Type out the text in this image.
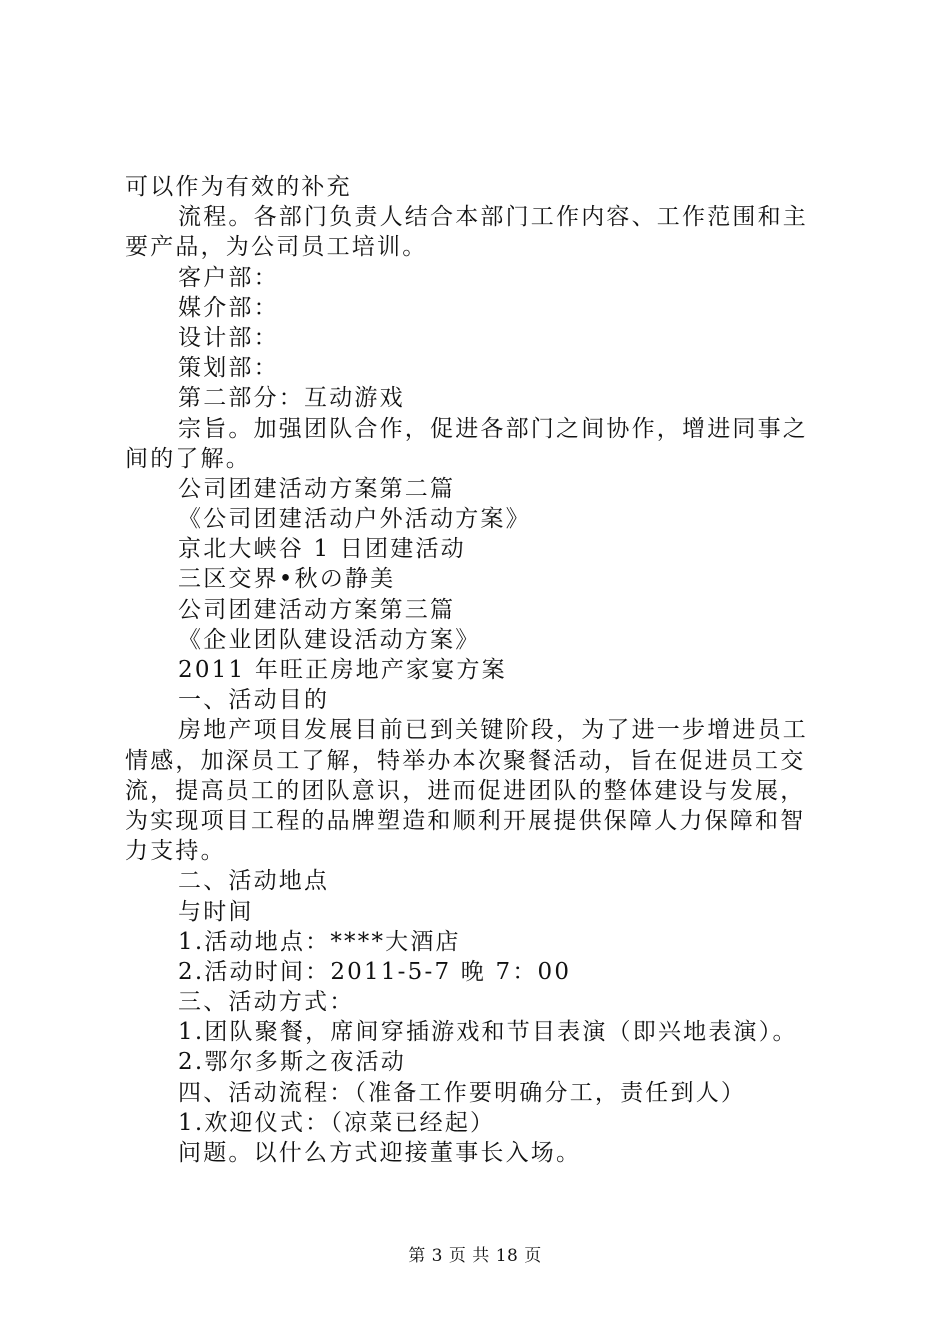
可以作为有效的补充
流程。各部门负责人结合本部门工作内容、工作范围和主
要产品，为公司员工培训。
客户部：
媒介部：
设计部：
策划部：
第二部分：互动游戏
宗旨。加强团队合作，促进各部门之间协作，增进同事之
间的了解。
公司团建活动方案第二篇
《公司团建活动户外活动方案》
京北大峡谷 1 日团建活动
三区交界•秋の静美
公司团建活动方案第三篇
《企业团队建设活动方案》
2011 年旺正房地产家宴方案
一、活动目的
房地产项目发展目前已到关键阶段，为了进一步增进员工
情感，加深员工了解，特举办本次聚餐活动，旨在促进员工交
流，提高员工的团队意识，进而促进团队的整体建设与发展，
为实现项目工程的品牌塑造和顺利开展提供保障人力保障和智
力支持。
二、活动地点
与时间
1.活动地点：****大酒店
2.活动时间：2011-5-7 晚 7：00
三、活动方式：
1.团队聚餐，席间穿插游戏和节目表演（即兴地表演）。
2.鄂尔多斯之夜活动
四、活动流程：（准备工作要明确分工，责任到人）
1.欢迎仪式：（凉菜已经起）
问题。以什么方式迎接董事长入场。
第 3 页 共 18 页
